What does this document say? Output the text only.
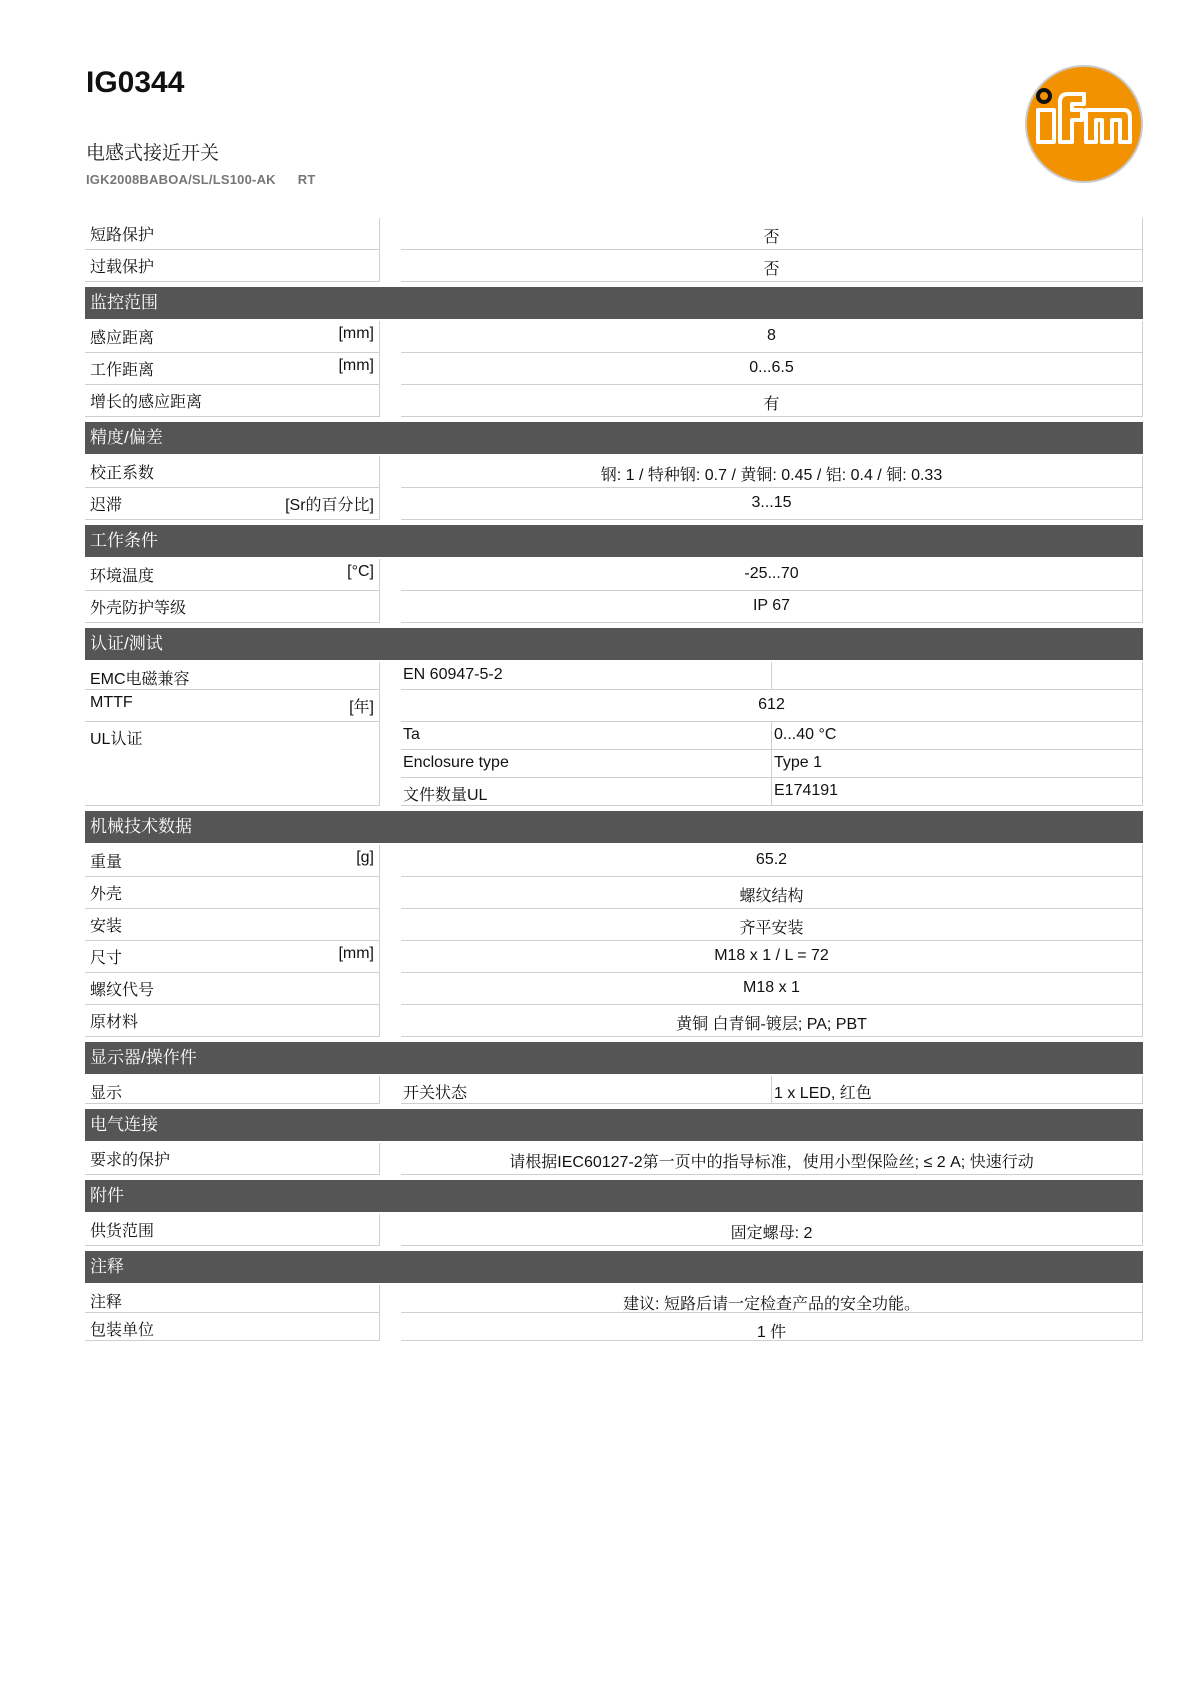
IG0344
电感式接近开关
IGK2008BABOA/SL/LS100-AK RT
短路保护	否
过载保护	否
监控范围
感应距离	[mm]	8
工作距离	[mm]	0...6.5
增长的感应距离	有
精度/偏差
校正系数	钢: 1 / 特种钢: 0.7 / 黄铜: 0.45 / 铝: 0.4 / 铜: 0.33
迟滞	[Sr的百分比]	3...15
工作条件
环境温度	[°C]	-25...70
外壳防护等级	IP 67
认证/测试
EMC电磁兼容	EN 60947-5-2
MTTF	[年]	612
UL认证	Ta	0...40 °C
Enclosure type	Type 1
文件数量UL	E174191
机械技术数据
重量	[g]	65.2
外壳	螺纹结构
安装	齐平安装
尺寸	[mm]	M18 x 1 / L = 72
螺纹代号	M18 x 1
原材料	黄铜 白青铜-镀层; PA; PBT
显示器/操作件
显示	开关状态	1 x LED, 红色
电气连接
要求的保护	请根据IEC60127-2第一页中的指导标准，使用小型保险丝; ≤ 2 A; 快速行动
附件
供货范围	固定螺母: 2
注释
注释	建议: 短路后请一定检查产品的安全功能。
包装单位	1 件
